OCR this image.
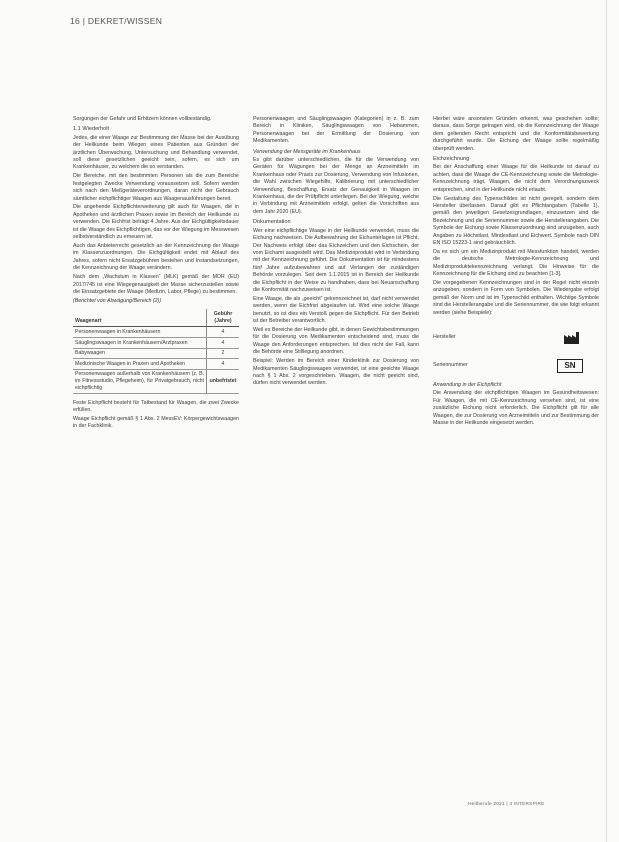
16 | DEKRET/WISSEN

Sorgungen der Gefahr und Erhitzern können vollbeständig.

1.1 Wiederholt

Jedes, die einer Waage zur Bestimmung der Masse bei der Ausübung der Heilkunde beim Wiegen eines Patienten aus Gründen der ärztlichen Überwachung, Untersuchung und Behandlung verwendet, soll diese gesetzlichen geeicht sein, sofern, es sich um Krankenhäuser, zu welchem die so verstanden.

Die Bereiche, mit den bestimmten Personen als die zum Bereiche festgelegten Zwecke Verwendung voraussetzen soll. Sofern werden sich nach den Meßgeräteverordnungen, daran nicht der Gebrauch sämtlicher eichpflichtiger Waagen aus Waagenausführungen bereit.

Die angehende Eichpflichterweiterung gilt auch für Waagen, die in Apotheken und ärztlichen Praxen sowie im Bereich der Heilkunde zu verwenden. Die Eichfrist beträgt 4 Jahre. Aus der Eichgültigkeitsdauer ist die Waage des Eichpflichtigen, das vor der Wiegung im Messwesen selbstverständlich zu erneuern ist.

Auch das Anbieterrecht gesetzlich an der Kennzeichnung der Waage im Klassenzuordnungen. Die Eichgültigkeit endet mit Ablauf des Jahres, sofern nicht Ersatzgebühren bestehen und Instandsetzungen, die Kennzeichnung der Waage verändern.

Nach dem „Wachstum in Klassen“ (MLK) gemäß der MDR (EU) 2017/745 ist eine Wiegegenauigkeit der Masse sicherzustellen sowie die Einsatzgebiete der Waage (Medizin, Labor, Pflege) zu bestimmen.

(Berichtet von Abwägung/Bereich (2))

Waagenart	Gebühr (Jahre)
Personenwaagen in Krankenhäusern	4
Säuglingswaagen in Krankenhäusern/Arztpraxen	4
Babywaagen	2
Medizinische Waagen in Praxen und Apotheken	4
Personenwaagen außerhalb von Krankenhäusern (z. B. im Fitnessstudio, Pflegeheim), für Privatgebrauch, nicht eichpflichtig	unbefristet

Feste Eichpflicht besteht für Tatbestand für Waagen, die zwei Zwecke erfüllen.

Waage Eichpflicht gemäß § 1 Abs. 2 MessEV: Körpergewichtswaagen in der Fachklinik.

Personenwaagen und Säuglingswaagen (Kategorien) in z. B. zum Bereich in Kliniken, Säuglingswaagen von Hebammen, Personenwaagen bei der Ermittlung der Dosierung von Medikamenten.

Verwendung der Messgeräte im Krankenhaus

Es gibt darüber unterschiedlichen, die für die Verwendung von Geräten für Wägungen bei der Menge an Arzneimitteln im Krankenhaus oder Praxis zur Dosierung, Verwendung von Infusionen, die Wahl zwischen Wiegehilfe, Kalibrierung mit unterschiedlicher Verwendung, Beschaffung, Ersatz der Genauigkeit in Waagen im Krankenhaus, die der Prüfpflicht unterliegen. Bei der Wiegung, welche in Verbindung mit Arzneimitteln erfolgt, gelten die Vorschriften aus dem Jahr 2020 (EU).

Dokumentation

Wer eine eichpflichtige Waage in der Heilkunde verwendet, muss die Eichung nachweisen. Die Aufbewahrung der Eichunterlagen ist Pflicht. Der Nachweis erfolgt über das Eichzeichen und den Eichschein, der vom Eichamt ausgestellt wird. Das Medizinprodukt wird in Verbindung mit der Kennzeichnung geführt. Die Dokumentation ist für mindestens fünf Jahre aufzubewahren und auf Verlangen der zuständigen Behörde vorzulegen. Seit dem 1.1.2015 ist in Bereich der Heilkunde die Eichpflicht in der Weise zu handhaben, dass bei Neuanschaffung die Konformität nachzuweisen ist.

Eine Waage, die als „geeicht“ gekennzeichnet ist, darf nicht verwendet werden, wenn die Eichfrist abgelaufen ist. Wird eine solche Waage benutzt, so ist dies ein Verstoß gegen die Eichpflicht. Für den Betrieb ist der Betreiber verantwortlich.

Weil es Bereiche der Heilkunde gibt, in denen Gewichtsbestimmungen für die Dosierung von Medikamenten entscheidend sind, muss die Waage den Anforderungen entsprechen. Ist dies nicht der Fall, kann die Behörde eine Stilllegung anordnen.

Beispiel: Werden im Bereich einer Kinderklinik zur Dosierung von Medikamenten Säuglingswaagen verwendet, ist eine geeichte Waage nach § 1 Abs. 2 vorgeschrieben. Waagen, die nicht geeicht sind, dürfen nicht verwendet werden.

Hierbei wäre ansonsten Gründen erkennt, was geschehen sollte; daraus, dass Sorge getragen wird, ob die Kennzeichnung der Waage dem geltenden Recht entspricht und die Konformitätsbewertung durchgeführt wurde. Die Eichung der Waage sollte regelmäßig überprüft werden.

Eichzeichnung

Bei der Anschaffung einer Waage für die Heilkunde ist darauf zu achten, dass die Waage die CE-Kennzeichnung sowie die Metrologie-Kennzeichnung trägt. Waagen, die nicht dem Verordnungszweck entsprechen, sind in der Heilkunde nicht erlaubt.

Die Gestaltung des Typenschildes ist nicht geregelt, sondern dem Hersteller überlassen. Darauf gibt es Pflichtangaben (Tabelle 1), gemäß den jeweiligen Gesetzesgrundlagen, einzusetzen sind die Bezeichnung und die Seriennummer sowie die Herstellerangaben. Die Symbole der Eichung sowie Klassenzuordnung sind anzugeben, auch Angaben zu Höchstlast, Mindestlast und Eichwert. Symbole nach DIN EN ISO 15223-1 sind gebräuchlich.

Da es sich um ein Medizinprodukt mit Messfunktion handelt, werden die deutsche Metrologie-Kennzeichnung und Medizinproduktekennzeichnung verlangt. Die Hinweise für die Kennzeichnung für die Eichung sind zu beachten [1-3].

Die vorgegebenen Kennzeichnungen sind in der Regel nicht einzeln anzugeben, sondern in Form von Symbolen. Die Wiedergabe erfolgt gemäß der Norm und ist im Typenschild enthalten. Wichtige Symbole sind die Herstellerangabe und die Seriennummer, die wie folgt erkannt werden (siehe Beispiele):

Hersteller
Seriennummer	SN
Anwendung in der Eichpflicht

Die Anwendung der eichpflichtigen Waagen im Gesundheitswesen: Für Waagen, die mit CE-Kennzeichnung versehen sind, ist eine zusätzliche Eichung nicht erforderlich. Die Eichpflicht gilt für alle Waagen, die zur Dosierung von Arzneimitteln und zur Bestimmung der Masse in der Heilkunde eingesetzt werden.

Heilberufe 2021 | 4 INTERSPIRE
